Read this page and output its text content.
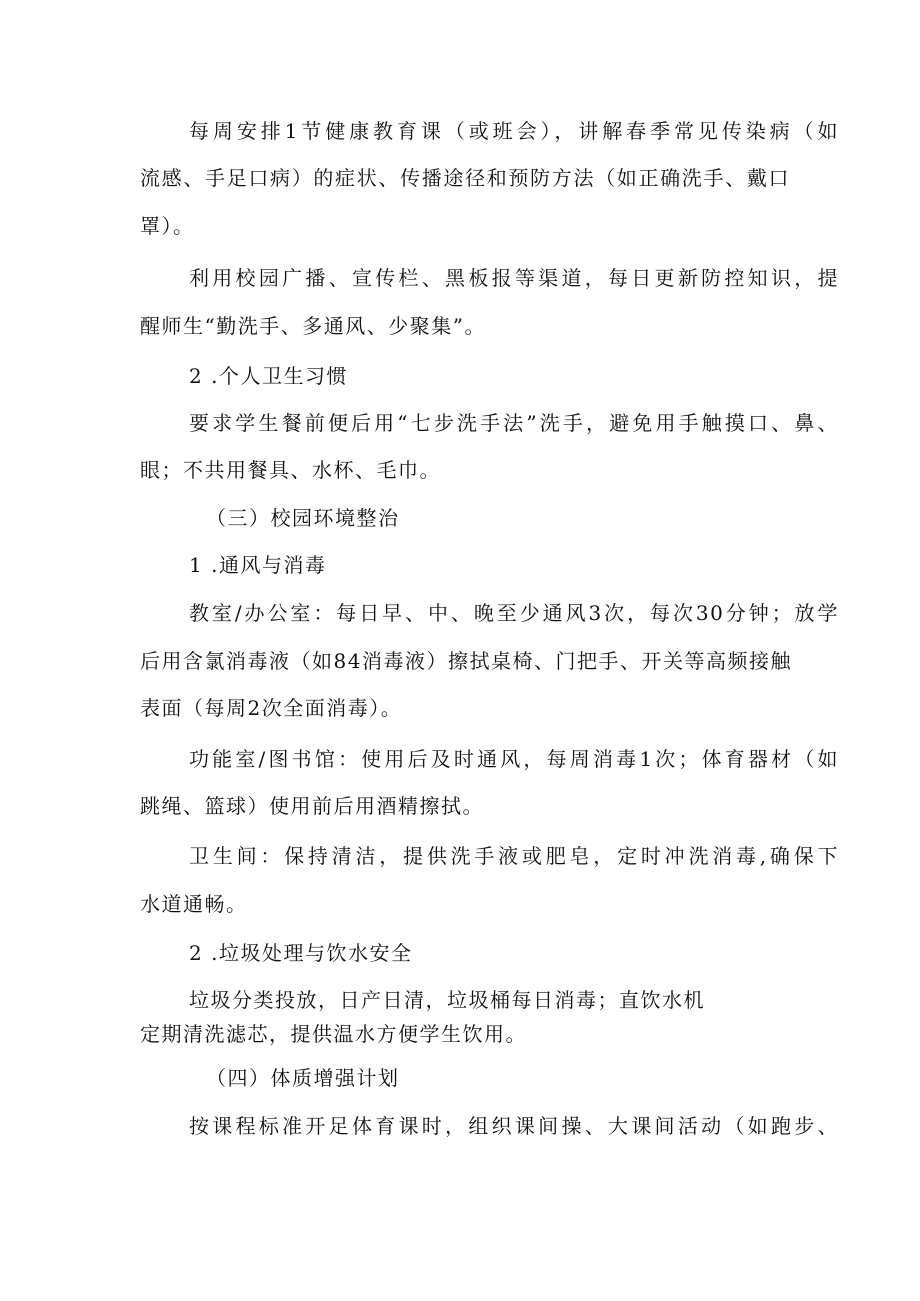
每周安排1节健康教育课（或班会），讲解春季常见传染病（如
流感、手足口病）的症状、传播途径和预防方法（如正确洗手、戴口
罩）。
利用校园广播、宣传栏、黑板报等渠道，每日更新防控知识，提
醒师生“勤洗手、多通风、少聚集”。
2 .个人卫生习惯
要求学生餐前便后用“七步洗手法”洗手，避免用手触摸口、鼻、
眼；不共用餐具、水杯、毛巾。
（三）校园环境整治
1 .通风与消毒
教室/办公室：每日早、中、晚至少通风3次，每次30分钟；放学
后用含氯消毒液（如84消毒液）擦拭桌椅、门把手、开关等高频接触
表面（每周2次全面消毒）。
功能室/图书馆：使用后及时通风，每周消毒1次；体育器材（如
跳绳、篮球）使用前后用酒精擦拭。
卫生间：保持清洁，提供洗手液或肥皂，定时冲洗消毒,确保下
水道通畅。
2 .垃圾处理与饮水安全
垃圾分类投放，日产日清，垃圾桶每日消毒；直饮水机
定期清洗滤芯，提供温水方便学生饮用。
（四）体质增强计划
按课程标准开足体育课时，组织课间操、大课间活动（如跑步、
